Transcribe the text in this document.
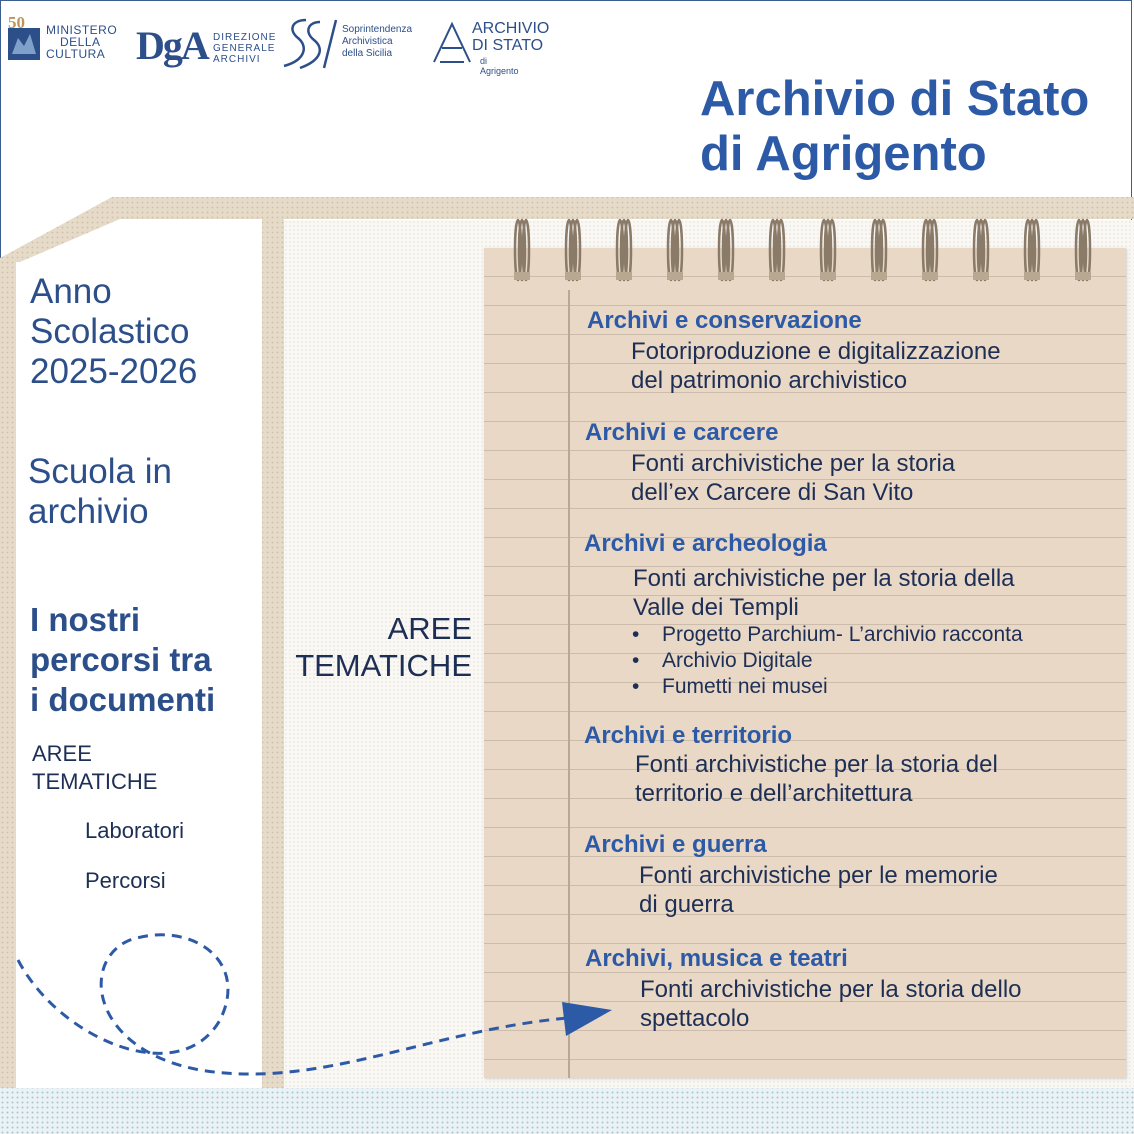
50 MINISTERO
DELLA
CULTURA DgA DIREZIONE
GENERALE
ARCHIVI
Soprintendenza
Archivistica
della Sicilia
ARCHIVIO
DI STATO
di Agrigento
Archivio di Stato
di Agrigento
Anno
Scolastico
2025-2026
Scuola in
archivio
I nostri
percorsi tra
i documenti
AREE
TEMATICHE
Laboratori
Percorsi
AREE
TEMATICHE
Archivi e conservazione
Fotoriproduzione e digitalizzazione
del patrimonio archivistico
Archivi e carcere
Fonti archivistiche per la storia
dell’ex Carcere di San Vito
Archivi e archeologia
Fonti archivistiche per la storia della
Valle dei Templi
• Progetto Parchium- L’archivio racconta
• Archivio Digitale
• Fumetti nei musei
Archivi e territorio
Fonti archivistiche per la storia del
territorio e dell’architettura
Archivi e guerra
Fonti archivistiche per le memorie
di guerra
Archivi, musica e teatri
Fonti archivistiche per la storia dello
spettacolo
